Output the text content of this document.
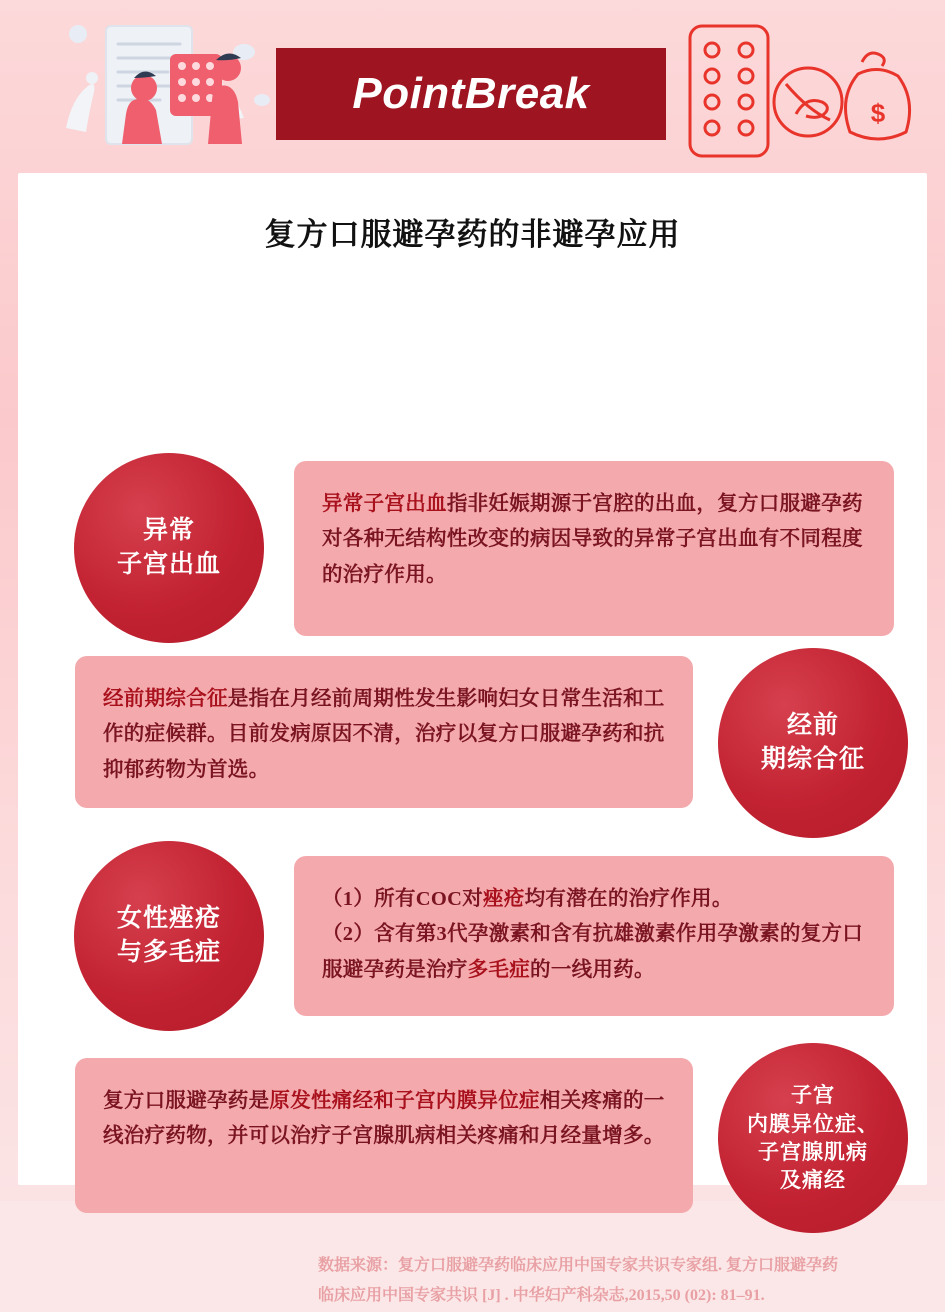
PointBreak	$
复方口服避孕药的非避孕应用
异常
子宫出血
异常子宫出血指非妊娠期源于宫腔的出血，复方口服避孕药对各种无结构性改变的病因导致的异常子宫出血有不同程度的治疗作用。
经前
期综合征
经前期综合征是指在月经前周期性发生影响妇女日常生活和工作的症候群。目前发病原因不清，治疗以复方口服避孕药和抗抑郁药物为首选。
女性痤疮
与多毛症
（1）所有COC对痤疮均有潜在的治疗作用。
（2）含有第3代孕激素和含有抗雄激素作用孕激素的复方口服避孕药是治疗多毛症的一线用药。
子宫
内膜异位症、
子宫腺肌病
及痛经
复方口服避孕药是原发性痛经和子宫内膜异位症相关疼痛的一线治疗药物，并可以治疗子宫腺肌病相关疼痛和月经量增多。
数据来源：复方口服避孕药临床应用中国专家共识专家组. 复方口服避孕药
临床应用中国专家共识 [J] . 中华妇产科杂志,2015,50 (02): 81–91.
